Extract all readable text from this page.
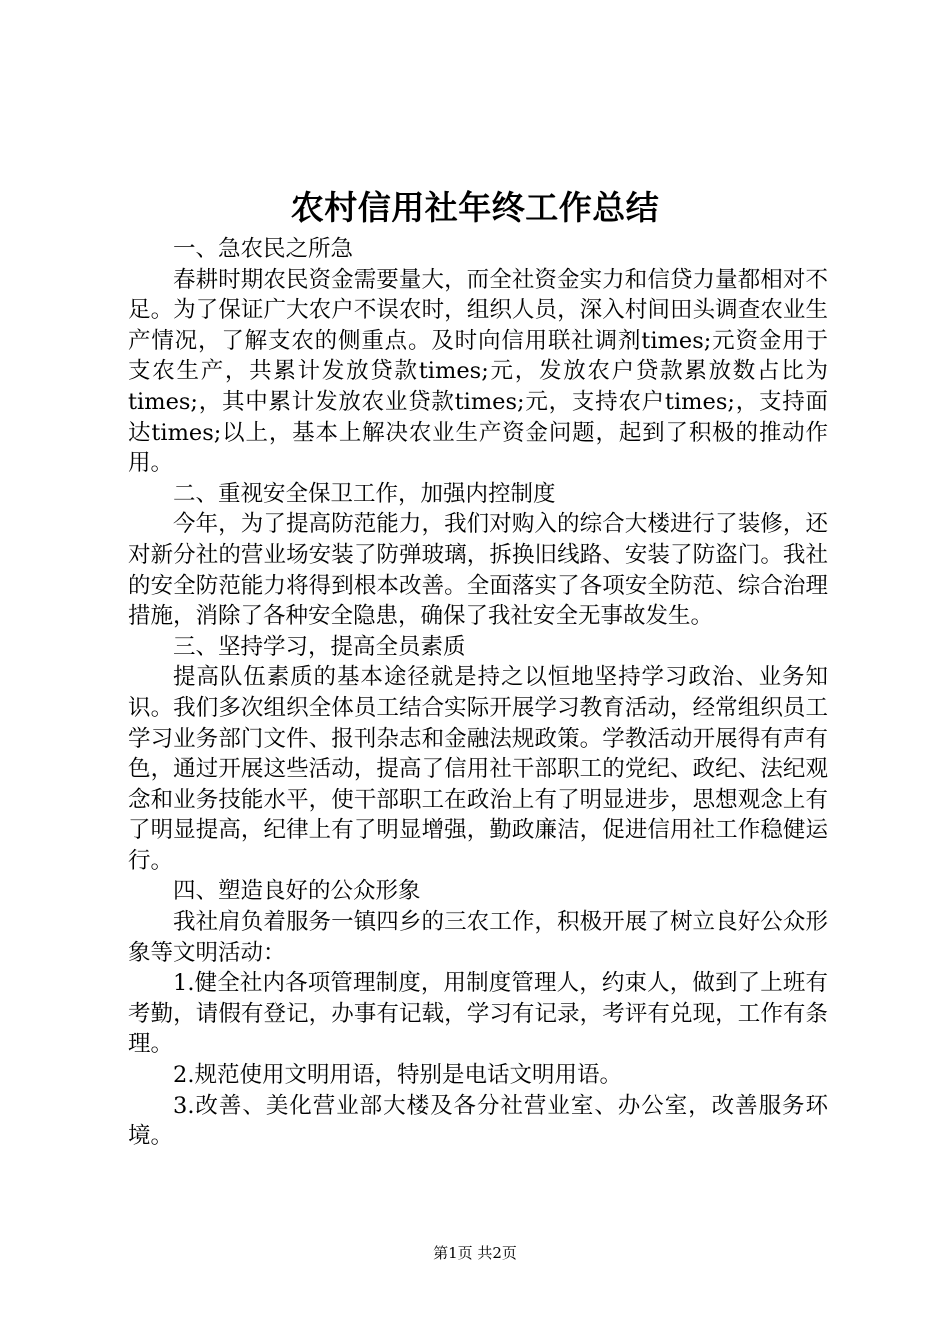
农村信用社年终工作总结

一、急农民之所急

春耕时期农民资金需要量大，而全社资金实力和信贷力量都相对不足。为了保证广大农户不误农时，组织人员，深入村间田头调查农业生产情况，了解支农的侧重点。及时向信用联社调剂times;元资金用于支农生产，共累计发放贷款times;元，发放农户贷款累放数占比为times;，其中累计发放农业贷款times;元，支持农户times;，支持面达times;以上，基本上解决农业生产资金问题，起到了积极的推动作用。

二、重视安全保卫工作，加强内控制度

今年，为了提高防范能力，我们对购入的综合大楼进行了装修，还对新分社的营业场安装了防弹玻璃，拆换旧线路、安装了防盗门。我社的安全防范能力将得到根本改善。全面落实了各项安全防范、综合治理措施，消除了各种安全隐患，确保了我社安全无事故发生。

三、坚持学习，提高全员素质

提高队伍素质的基本途径就是持之以恒地坚持学习政治、业务知识。我们多次组织全体员工结合实际开展学习教育活动，经常组织员工学习业务部门文件、报刊杂志和金融法规政策。学教活动开展得有声有色，通过开展这些活动，提高了信用社干部职工的党纪、政纪、法纪观念和业务技能水平，使干部职工在政治上有了明显进步，思想观念上有了明显提高，纪律上有了明显增强，勤政廉洁，促进信用社工作稳健运行。

四、塑造良好的公众形象

我社肩负着服务一镇四乡的三农工作，积极开展了树立良好公众形象等文明活动：

1.健全社内各项管理制度，用制度管理人，约束人，做到了上班有考勤，请假有登记，办事有记载，学习有记录，考评有兑现，工作有条理。

2.规范使用文明用语，特别是电话文明用语。

3.改善、美化营业部大楼及各分社营业室、办公室，改善服务环境。

第1页 共2页
